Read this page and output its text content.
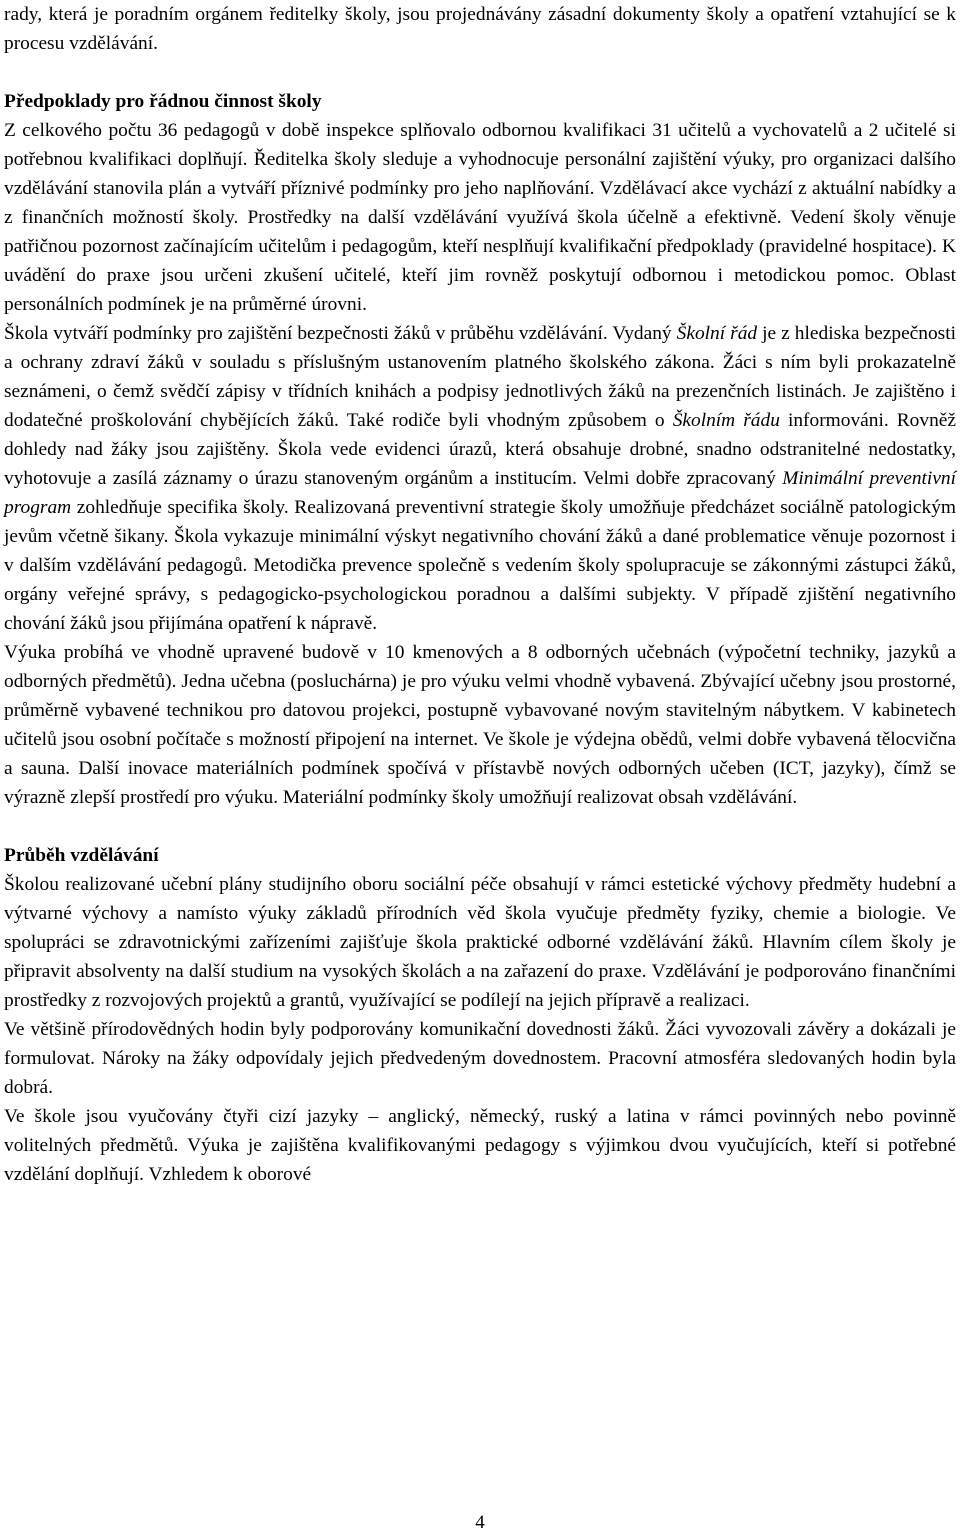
rady, která je poradním orgánem ředitelky školy, jsou projednávány zásadní dokumenty školy a opatření vztahující se k procesu vzdělávání.

Předpoklady pro řádnou činnost školy

Z celkového počtu 36 pedagogů v době inspekce splňovalo odbornou kvalifikaci 31 učitelů a vychovatelů a 2 učitelé si potřebnou kvalifikaci doplňují. Ředitelka školy sleduje a vyhodnocuje personální zajištění výuky, pro organizaci dalšího vzdělávání stanovila plán a vytváří příznivé podmínky pro jeho naplňování. Vzdělávací akce vychází z aktuální nabídky a z finančních možností školy. Prostředky na další vzdělávání využívá škola účelně a efektivně. Vedení školy věnuje patřičnou pozornost začínajícím učitelům i pedagogům, kteří nesplňují kvalifikační předpoklady (pravidelné hospitace). K uvádění do praxe jsou určeni zkušení učitelé, kteří jim rovněž poskytují odbornou i metodickou pomoc. Oblast personálních podmínek je na průměrné úrovni.

Škola vytváří podmínky pro zajištění bezpečnosti žáků v průběhu vzdělávání. Vydaný Školní řád je z hlediska bezpečnosti a ochrany zdraví žáků v souladu s příslušným ustanovením platného školského zákona. Žáci s ním byli prokazatelně seznámeni, o čemž svědčí zápisy v třídních knihách a podpisy jednotlivých žáků na prezenčních listinách. Je zajištěno i dodatečné proškolování chybějících žáků. Také rodiče byli vhodným způsobem o Školním řádu informováni. Rovněž dohledy nad žáky jsou zajištěny. Škola vede evidenci úrazů, která obsahuje drobné, snadno odstranitelné nedostatky, vyhotovuje a zasílá záznamy o úrazu stanoveným orgánům a institucím. Velmi dobře zpracovaný Minimální preventivní program zohledňuje specifika školy. Realizovaná preventivní strategie školy umožňuje předcházet sociálně patologickým jevům včetně šikany. Škola vykazuje minimální výskyt negativního chování žáků a dané problematice věnuje pozornost i v dalším vzdělávání pedagogů. Metodička prevence společně s vedením školy spolupracuje se zákonnými zástupci žáků, orgány veřejné správy, s pedagogicko-psychologickou poradnou a dalšími subjekty. V případě zjištění negativního chování žáků jsou přijímána opatření k nápravě.

Výuka probíhá ve vhodně upravené budově v 10 kmenových a 8 odborných učebnách (výpočetní techniky, jazyků a odborných předmětů). Jedna učebna (posluchárna) je pro výuku velmi vhodně vybavená. Zbývající učebny jsou prostorné, průměrně vybavené technikou pro datovou projekci, postupně vybavované novým stavitelným nábytkem. V kabinetech učitelů jsou osobní počítače s možností připojení na internet. Ve škole je výdejna obědů, velmi dobře vybavená tělocvična a sauna. Další inovace materiálních podmínek spočívá v přístavbě nových odborných učeben (ICT, jazyky), čímž se výrazně zlepší prostředí pro výuku. Materiální podmínky školy umožňují realizovat obsah vzdělávání.

Průběh vzdělávání

Školou realizované učební plány studijního oboru sociální péče obsahují v rámci estetické výchovy předměty hudební a výtvarné výchovy a namísto výuky základů přírodních věd škola vyučuje předměty fyziky, chemie a biologie. Ve spolupráci se zdravotnickými zařízeními zajišťuje škola praktické odborné vzdělávání žáků. Hlavním cílem školy je připravit absolventy na další studium na vysokých školách a na zařazení do praxe. Vzdělávání je podporováno finančními prostředky z rozvojových projektů a grantů, využívající se podílejí na jejich přípravě a realizaci.

Ve většině přírodovědných hodin byly podporovány komunikační dovednosti žáků. Žáci vyvozovali závěry a dokázali je formulovat. Nároky na žáky odpovídaly jejich předvedeným dovednostem. Pracovní atmosféra sledovaných hodin byla dobrá.

Ve škole jsou vyučovány čtyři cizí jazyky – anglický, německý, ruský a latina v rámci povinných nebo povinně volitelných předmětů. Výuka je zajištěna kvalifikovanými pedagogy s výjimkou dvou vyučujících, kteří si potřebné vzdělání doplňují. Vzhledem k oborové

4
